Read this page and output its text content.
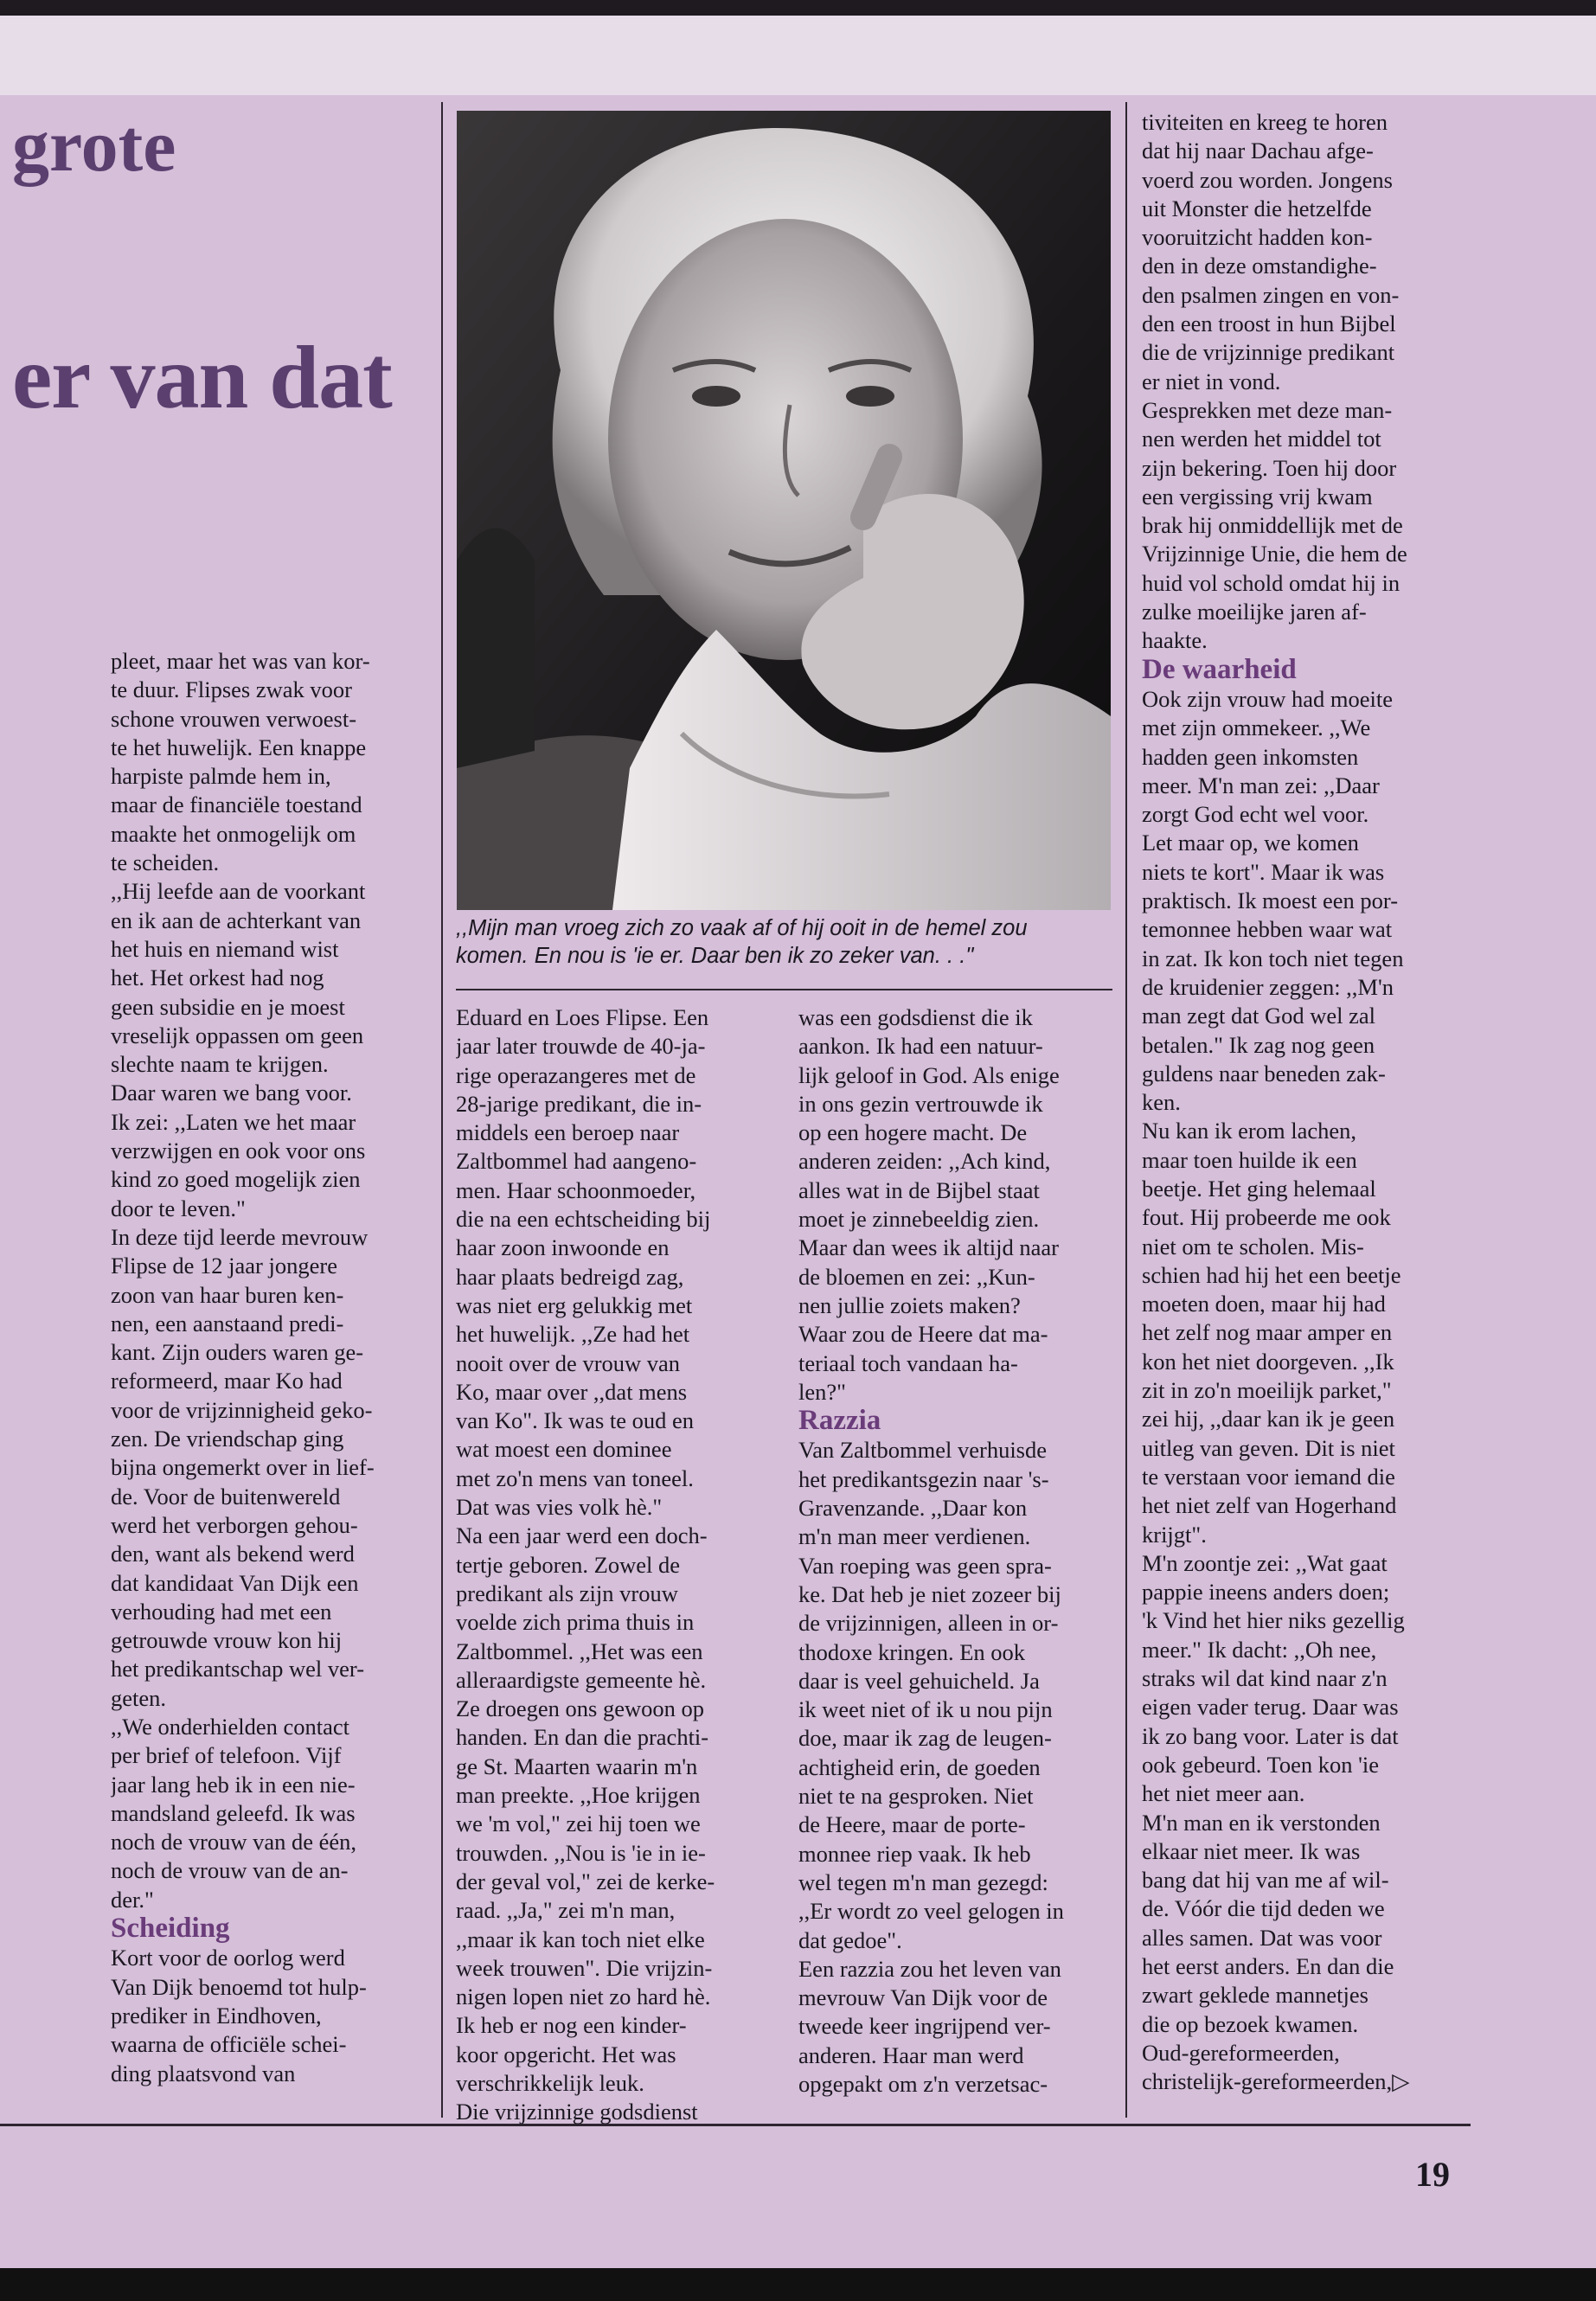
grote
er van dat

,,Mijn man vroeg zich zo vaak af of hij ooit in de hemel zou
komen. En nou is 'ie er. Daar ben ik zo zeker van. . ."

pleet, maar het was van kor-
te duur. Flipses zwak voor
schone vrouwen verwoest-
te het huwelijk. Een knappe
harpiste palmde hem in,
maar de financiële toestand
maakte het onmogelijk om
te scheiden.
,,Hij leefde aan de voorkant
en ik aan de achterkant van
het huis en niemand wist
het. Het orkest had nog
geen subsidie en je moest
vreselijk oppassen om geen
slechte naam te krijgen.
Daar waren we bang voor.
Ik zei: ,,Laten we het maar
verzwijgen en ook voor ons
kind zo goed mogelijk zien
door te leven."
In deze tijd leerde mevrouw
Flipse de 12 jaar jongere
zoon van haar buren ken-
nen, een aanstaand predi-
kant. Zijn ouders waren ge-
reformeerd, maar Ko had
voor de vrijzinnigheid geko-
zen. De vriendschap ging
bijna ongemerkt over in lief-
de. Voor de buitenwereld
werd het verborgen gehou-
den, want als bekend werd
dat kandidaat Van Dijk een
verhouding had met een
getrouwde vrouw kon hij
het predikantschap wel ver-
geten.
,,We onderhielden contact
per brief of telefoon. Vijf
jaar lang heb ik in een nie-
mandsland geleefd. Ik was
noch de vrouw van de één,
noch de vrouw van de an-
der."
Scheiding
Kort voor de oorlog werd
Van Dijk benoemd tot hulp-
prediker in Eindhoven,
waarna de officiële schei-
ding plaatsvond van
Eduard en Loes Flipse. Een
jaar later trouwde de 40-ja-
rige operazangeres met de
28-jarige predikant, die in-
middels een beroep naar
Zaltbommel had aangeno-
men. Haar schoonmoeder,
die na een echtscheiding bij
haar zoon inwoonde en
haar plaats bedreigd zag,
was niet erg gelukkig met
het huwelijk. ,,Ze had het
nooit over de vrouw van
Ko, maar over ,,dat mens
van Ko". Ik was te oud en
wat moest een dominee
met zo'n mens van toneel.
Dat was vies volk hè."
Na een jaar werd een doch-
tertje geboren. Zowel de
predikant als zijn vrouw
voelde zich prima thuis in
Zaltbommel. ,,Het was een
alleraardigste gemeente hè.
Ze droegen ons gewoon op
handen. En dan die prachti-
ge St. Maarten waarin m'n
man preekte. ,,Hoe krijgen
we 'm vol," zei hij toen we
trouwden. ,,Nou is 'ie in ie-
der geval vol," zei de kerke-
raad. ,,Ja," zei m'n man,
,,maar ik kan toch niet elke
week trouwen". Die vrijzin-
nigen lopen niet zo hard hè.
Ik heb er nog een kinder-
koor opgericht. Het was
verschrikkelijk leuk.
Die vrijzinnige godsdienst
was een godsdienst die ik
aankon. Ik had een natuur-
lijk geloof in God. Als enige
in ons gezin vertrouwde ik
op een hogere macht. De
anderen zeiden: ,,Ach kind,
alles wat in de Bijbel staat
moet je zinnebeeldig zien.
Maar dan wees ik altijd naar
de bloemen en zei: ,,Kun-
nen jullie zoiets maken?
Waar zou de Heere dat ma-
teriaal toch vandaan ha-
len?"
Razzia
Van Zaltbommel verhuisde
het predikantsgezin naar 's-
Gravenzande. ,,Daar kon
m'n man meer verdienen.
Van roeping was geen spra-
ke. Dat heb je niet zozeer bij
de vrijzinnigen, alleen in or-
thodoxe kringen. En ook
daar is veel gehuicheld. Ja
ik weet niet of ik u nou pijn
doe, maar ik zag de leugen-
achtigheid erin, de goeden
niet te na gesproken. Niet
de Heere, maar de porte-
monnee riep vaak. Ik heb
wel tegen m'n man gezegd:
,,Er wordt zo veel gelogen in
dat gedoe".
Een razzia zou het leven van
mevrouw Van Dijk voor de
tweede keer ingrijpend ver-
anderen. Haar man werd
opgepakt om z'n verzetsac-
tiviteiten en kreeg te horen
dat hij naar Dachau afge-
voerd zou worden. Jongens
uit Monster die hetzelfde
vooruitzicht hadden kon-
den in deze omstandighe-
den psalmen zingen en von-
den een troost in hun Bijbel
die de vrijzinnige predikant
er niet in vond.
Gesprekken met deze man-
nen werden het middel tot
zijn bekering. Toen hij door
een vergissing vrij kwam
brak hij onmiddellijk met de
Vrijzinnige Unie, die hem de
huid vol schold omdat hij in
zulke moeilijke jaren af-
haakte.
De waarheid
Ook zijn vrouw had moeite
met zijn ommekeer. ,,We
hadden geen inkomsten
meer. M'n man zei: ,,Daar
zorgt God echt wel voor.
Let maar op, we komen
niets te kort". Maar ik was
praktisch. Ik moest een por-
temonnee hebben waar wat
in zat. Ik kon toch niet tegen
de kruidenier zeggen: ,,M'n
man zegt dat God wel zal
betalen." Ik zag nog geen
guldens naar beneden zak-
ken.
Nu kan ik erom lachen,
maar toen huilde ik een
beetje. Het ging helemaal
fout. Hij probeerde me ook
niet om te scholen. Mis-
schien had hij het een beetje
moeten doen, maar hij had
het zelf nog maar amper en
kon het niet doorgeven. ,,Ik
zit in zo'n moeilijk parket,"
zei hij, ,,daar kan ik je geen
uitleg van geven. Dit is niet
te verstaan voor iemand die
het niet zelf van Hogerhand
krijgt".
M'n zoontje zei: ,,Wat gaat
pappie ineens anders doen;
'k Vind het hier niks gezellig
meer." Ik dacht: ,,Oh nee,
straks wil dat kind naar z'n
eigen vader terug. Daar was
ik zo bang voor. Later is dat
ook gebeurd. Toen kon 'ie
het niet meer aan.
M'n man en ik verstonden
elkaar niet meer. Ik was
bang dat hij van me af wil-
de. Vóór die tijd deden we
alles samen. Dat was voor
het eerst anders. En dan die
zwart geklede mannetjes
die op bezoek kwamen.
Oud-gereformeerden,
christelijk-gereformeerden,▷

19
